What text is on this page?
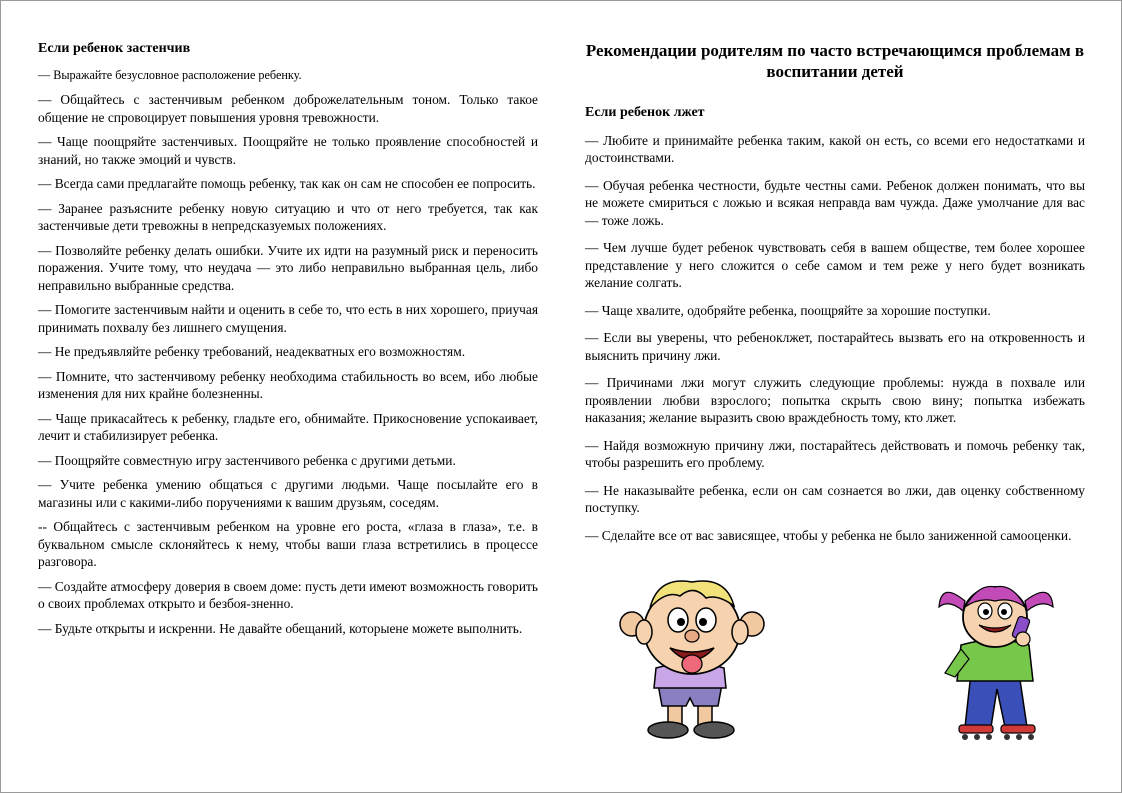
Если ребенок застенчив
— Выражайте безусловное расположение ребенку.
— Общайтесь с застенчивым ребенком доброжелательным тоном. Только такое общение не спровоцирует повышения уровня тревожности.
— Чаще поощряйте застенчивых. Поощряйте не только проявление способностей и знаний, но также эмоций и чувств.
— Всегда сами предлагайте помощь ребенку, так как он сам не способен ее попросить.
— Заранее разъясните ребенку новую ситуацию и что от него требуется, так как застенчивые дети тревожны в непредсказуемых положениях.
— Позволяйте ребенку делать ошибки. Учите их идти на разумный риск и переносить поражения. Учите тому, что неудача — это либо неправильно выбранная цель, либо неправильно выбранные средства.
— Помогите застенчивым найти и оценить в себе то, что есть в них хорошего, приучая принимать похвалу без лишнего смущения.
— Не предъявляйте ребенку требований, неадекватных его возможностям.
— Помните, что застенчивому ребенку необходима стабильность во всем, ибо любые изменения для них крайне болезненны.
— Чаще прикасайтесь к ребенку, гладьте его, обнимайте. Прикосновение успокаивает, лечит и стабилизирует ребенка.
— Поощряйте совместную игру застенчивого ребенка с другими детьми.
— Учите ребенка умению общаться с другими людьми. Чаще посылайте его в магазины или с какими-либо поручениями к вашим друзьям, соседям.
-- Общайтесь с застенчивым ребенком на уровне его роста, «глаза в глаза», т.е. в буквальном смысле склоняйтесь к нему, чтобы ваши глаза встретились в процессе разговора.
— Создайте атмосферу доверия в своем доме: пусть дети имеют возможность говорить о своих проблемах открыто и безбоя-зненно.
— Будьте открыты и искренни. Не давайте обещаний, которыене можете выполнить.
Рекомендации родителям по часто встречающимся проблемам в воспитании детей
Если ребенок лжет
— Любите и принимайте ребенка таким, какой он есть, со всеми его недостатками и достоинствами.
— Обучая ребенка честности, будьте честны сами. Ребенок должен понимать, что вы не можете смириться с ложью и всякая неправда вам чужда. Даже умолчание для вас — тоже ложь.
— Чем лучше будет ребенок чувствовать себя в вашем обществе, тем более хорошее представление у него сложится о себе самом и тем реже у него будет возникать желание солгать.
— Чаще хвалите, одобряйте ребенка, поощряйте за хорошие поступки.
— Если вы уверены, что ребеноклжет, постарайтесь вызвать его на откровенность и выяснить причину лжи.
— Причинами лжи могут служить следующие проблемы: нужда в похвале или проявлении любви взрослого; попытка скрыть свою вину; попытка избежать наказания; желание выразить свою враждебность тому, кто лжет.
— Найдя возможную причину лжи, постарайтесь действовать и помочь ребенку так, чтобы разрешить его проблему.
— Не наказывайте ребенка, если он сам сознается во лжи, дав оценку собственному поступку.
— Сделайте все от вас зависящее, чтобы у ребенка не было заниженной самооценки.
